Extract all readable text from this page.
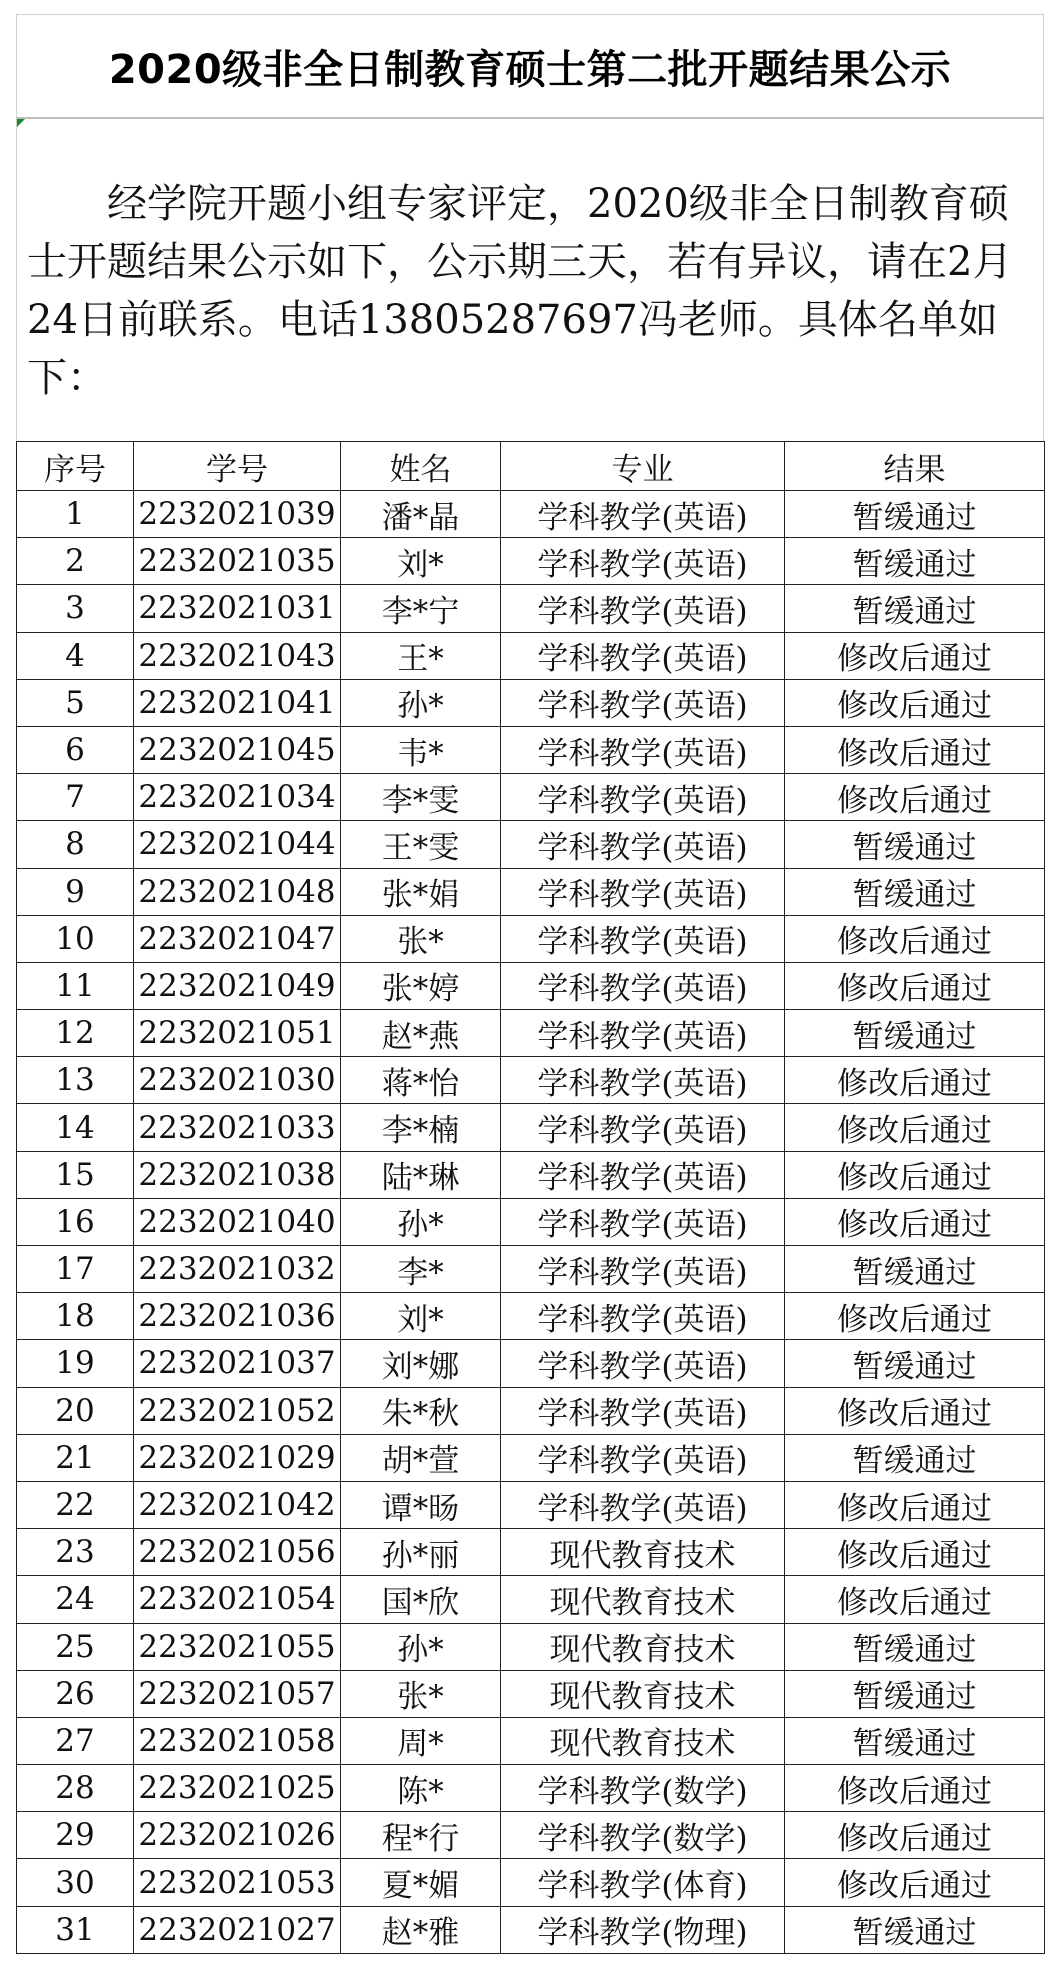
2020级非全日制教育硕士第二批开题结果公示
经学院开题小组专家评定，2020级非全日制教育硕士开题结果公示如下，公示期三天，若有异议，请在2月24日前联系。电话13805287697冯老师。具体名单如下：
序号	学号	姓名	专业	结果
1	2232021039	潘*晶	学科教学(英语)	暂缓通过
2	2232021035	刘*	学科教学(英语)	暂缓通过
3	2232021031	李*宁	学科教学(英语)	暂缓通过
4	2232021043	王*	学科教学(英语)	修改后通过
5	2232021041	孙*	学科教学(英语)	修改后通过
6	2232021045	韦*	学科教学(英语)	修改后通过
7	2232021034	李*雯	学科教学(英语)	修改后通过
8	2232021044	王*雯	学科教学(英语)	暂缓通过
9	2232021048	张*娟	学科教学(英语)	暂缓通过
10	2232021047	张*	学科教学(英语)	修改后通过
11	2232021049	张*婷	学科教学(英语)	修改后通过
12	2232021051	赵*燕	学科教学(英语)	暂缓通过
13	2232021030	蒋*怡	学科教学(英语)	修改后通过
14	2232021033	李*楠	学科教学(英语)	修改后通过
15	2232021038	陆*琳	学科教学(英语)	修改后通过
16	2232021040	孙*	学科教学(英语)	修改后通过
17	2232021032	李*	学科教学(英语)	暂缓通过
18	2232021036	刘*	学科教学(英语)	修改后通过
19	2232021037	刘*娜	学科教学(英语)	暂缓通过
20	2232021052	朱*秋	学科教学(英语)	修改后通过
21	2232021029	胡*萱	学科教学(英语)	暂缓通过
22	2232021042	谭*旸	学科教学(英语)	修改后通过
23	2232021056	孙*丽	现代教育技术	修改后通过
24	2232021054	国*欣	现代教育技术	修改后通过
25	2232021055	孙*	现代教育技术	暂缓通过
26	2232021057	张*	现代教育技术	暂缓通过
27	2232021058	周*	现代教育技术	暂缓通过
28	2232021025	陈*	学科教学(数学)	修改后通过
29	2232021026	程*行	学科教学(数学)	修改后通过
30	2232021053	夏*媚	学科教学(体育)	修改后通过
31	2232021027	赵*雅	学科教学(物理)	暂缓通过
